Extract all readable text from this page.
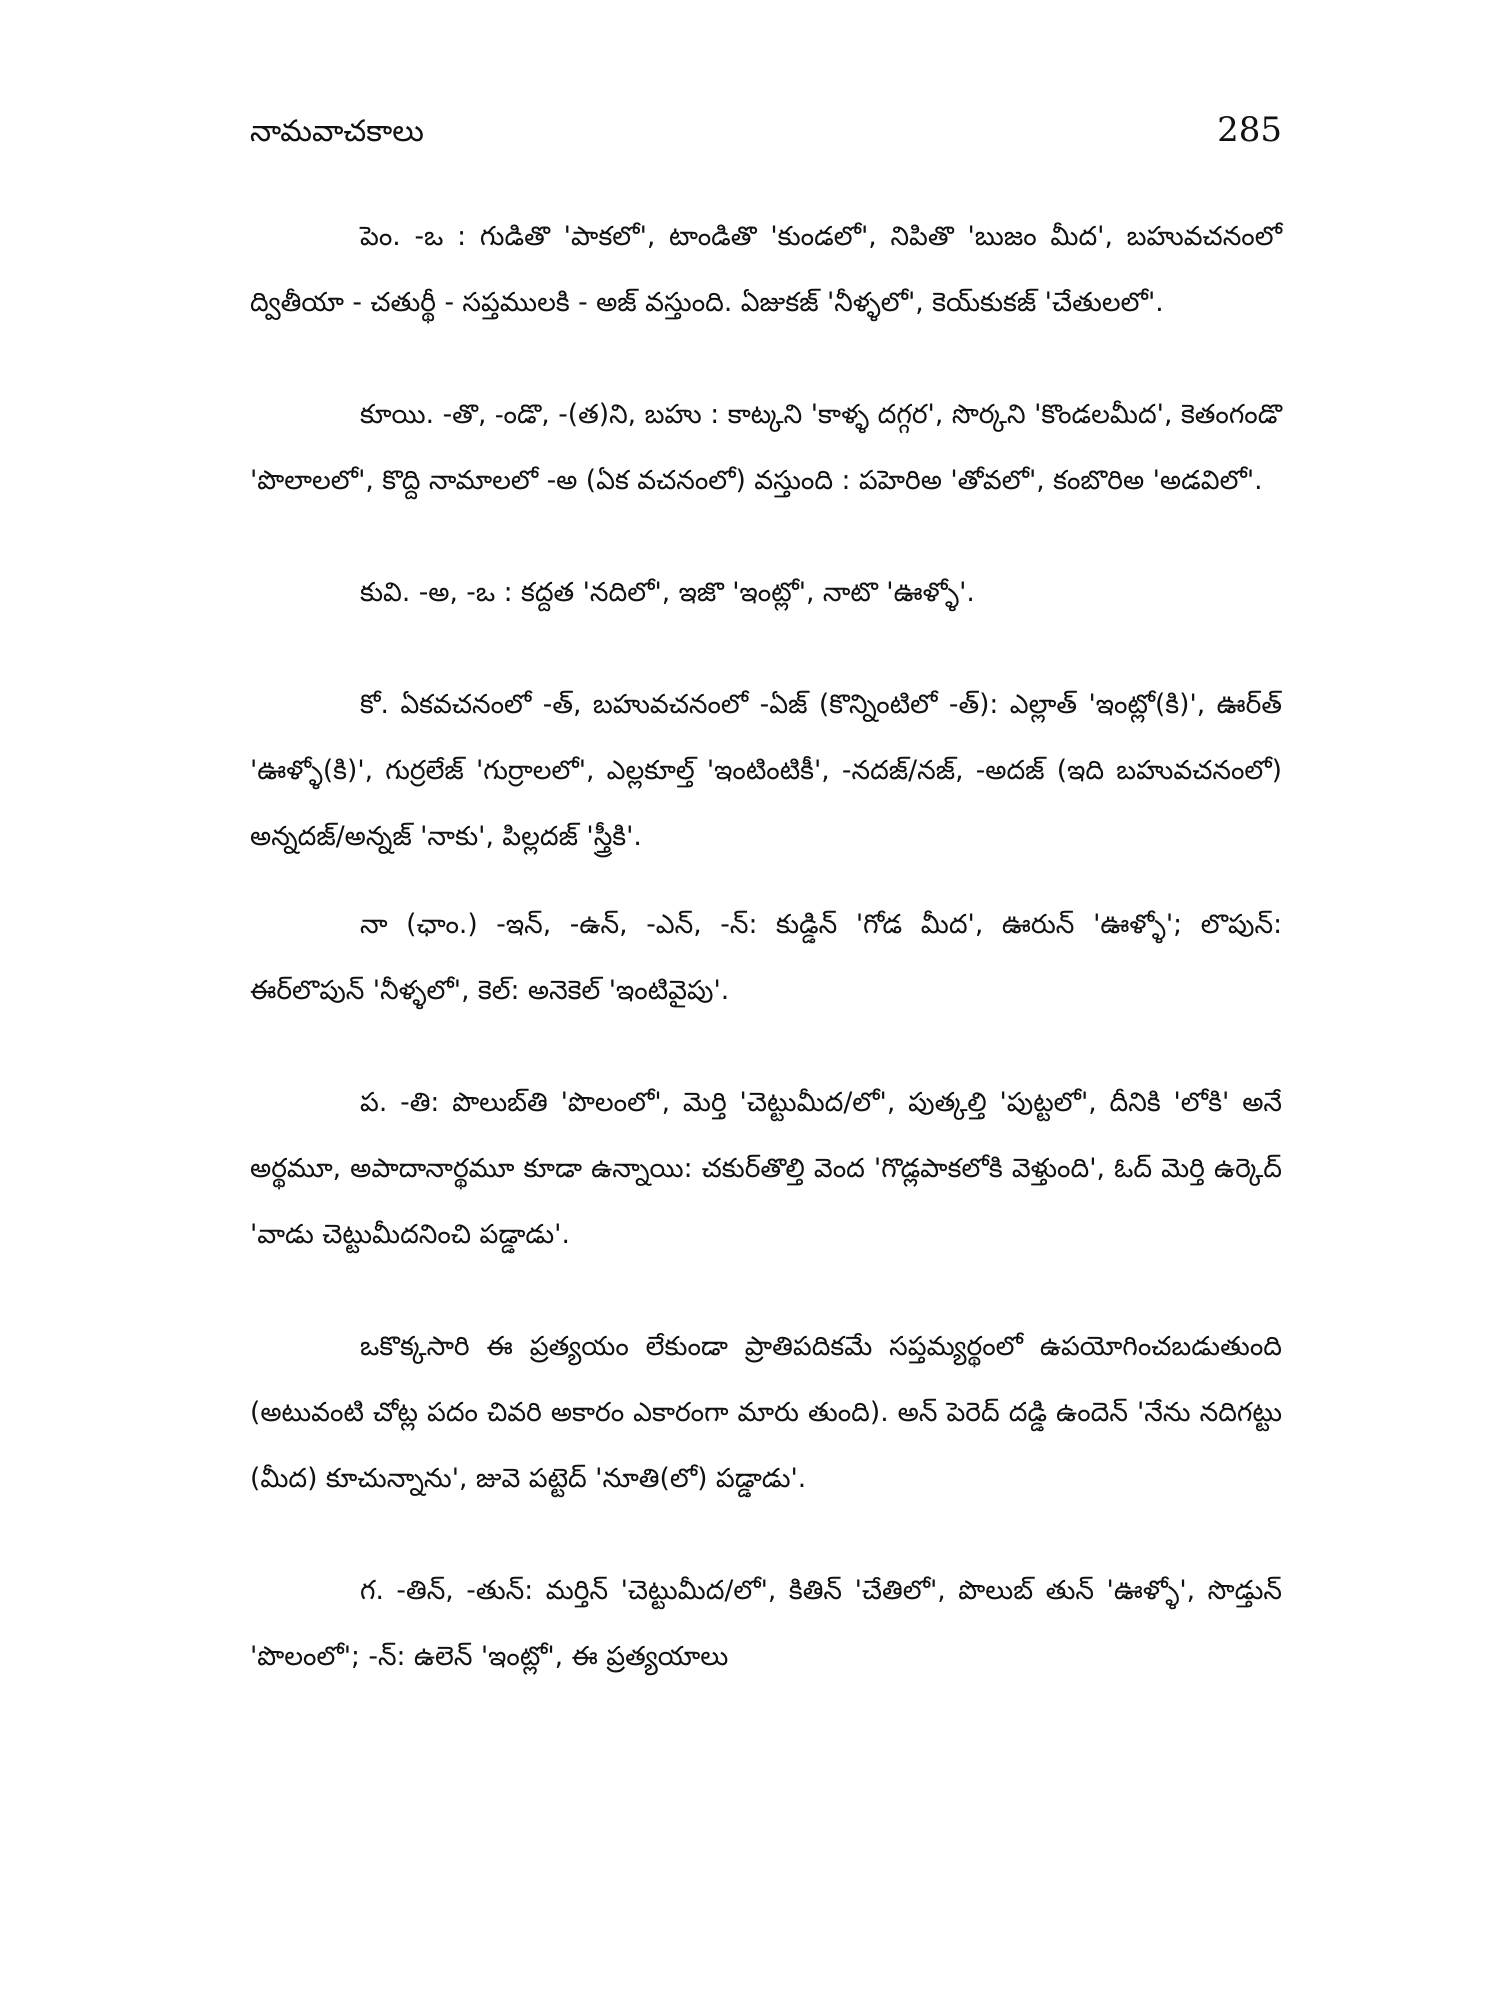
నామవాచకాలు	285

పెం. -ఒ : గుడితొ 'పాకలో', టాండితొ 'కుండలో', నిపితొ 'బుజం మీద', బహువచనంలో ద్వితీయా - చతుర్థీ - సప్తములకి - అజ్ వస్తుంది. ఏజుకజ్ 'నీళ్ళలో', కెయ్‌కుకజ్ 'చేతులలో'.

కూయి. -తొ, -ండొ, -(త)ని, బహు : కాట్కని 'కాళ్ళ దగ్గర', సొర్కని 'కొండలమీద', కెతంగండొ 'పొలాలలో', కొద్ది నామాలలో -అ (ఏక వచనంలో) వస్తుంది : పహెరిఅ 'తోవలో', కంబొరిఅ 'అడవిలో'.

కువి. -అ, -ఒ : కద్దత 'నదిలో', ఇజొ 'ఇంట్లో', నాటొ 'ఊళ్ళో'.

కో. ఏకవచనంలో -త్, బహువచనంలో -ఏజ్ (కొన్నింటిలో -త్): ఎల్లాత్ 'ఇంట్లో(కి)', ఊర్‌త్ 'ఊళ్ళో(కి)', గుర్రలేజ్ 'గుర్రాలలో', ఎల్లకూల్త్ 'ఇంటింటికీ', -నదజ్/నజ్, -అదజ్ (ఇది బహువచనంలో) అన్నదజ్/అన్నజ్ 'నాకు', పిల్లదజ్ 'స్త్రీకి'.

నా (ఛాం.) -ఇన్, -ఉన్, -ఎన్, -న్: కుడ్డిన్ 'గోడ మీద', ఊరున్ 'ఊళ్ళో'; లొపున్: ఈర్‌లొపున్ 'నీళ్ళలో', కెల్: అనెకెల్ 'ఇంటివైపు'.

ప. -తి: పొలుబ్‌తి 'పొలంలో', మెర్తి 'చెట్టుమీద/లో', పుత్కల్తి 'పుట్టలో', దీనికి 'లోకి' అనే అర్థమూ, అపాదానార్థమూ కూడా ఉన్నాయి: చకుర్‌తొల్తి వెంద 'గొడ్లపాకలోకి వెళ్తుంది', ఓద్ మెర్తి ఉర్కెద్ 'వాడు చెట్టుమీదనించి పడ్డాడు'.

ఒకొక్కసారి ఈ ప్రత్యయం లేకుండా ప్రాతిపదికమే సప్తమ్యర్థంలో ఉపయోగించబడుతుంది (అటువంటి చోట్ల పదం చివరి అకారం ఎకారంగా మారు తుంది). అన్ పెరెద్ దడ్డి ఉందెన్ 'నేను నదిగట్టు (మీద) కూచున్నాను', జువె పట్టెద్ 'నూతి(లో) పడ్డాడు'.

గ. -తిన్, -తున్: మర్తిన్ 'చెట్టుమీద/లో', కితిన్ 'చేతిలో', పొలుబ్ తున్ 'ఊళ్ళో', సొడ్తున్ 'పొలంలో'; -న్: ఉలెన్ 'ఇంట్లో', ఈ ప్రత్యయాలు
